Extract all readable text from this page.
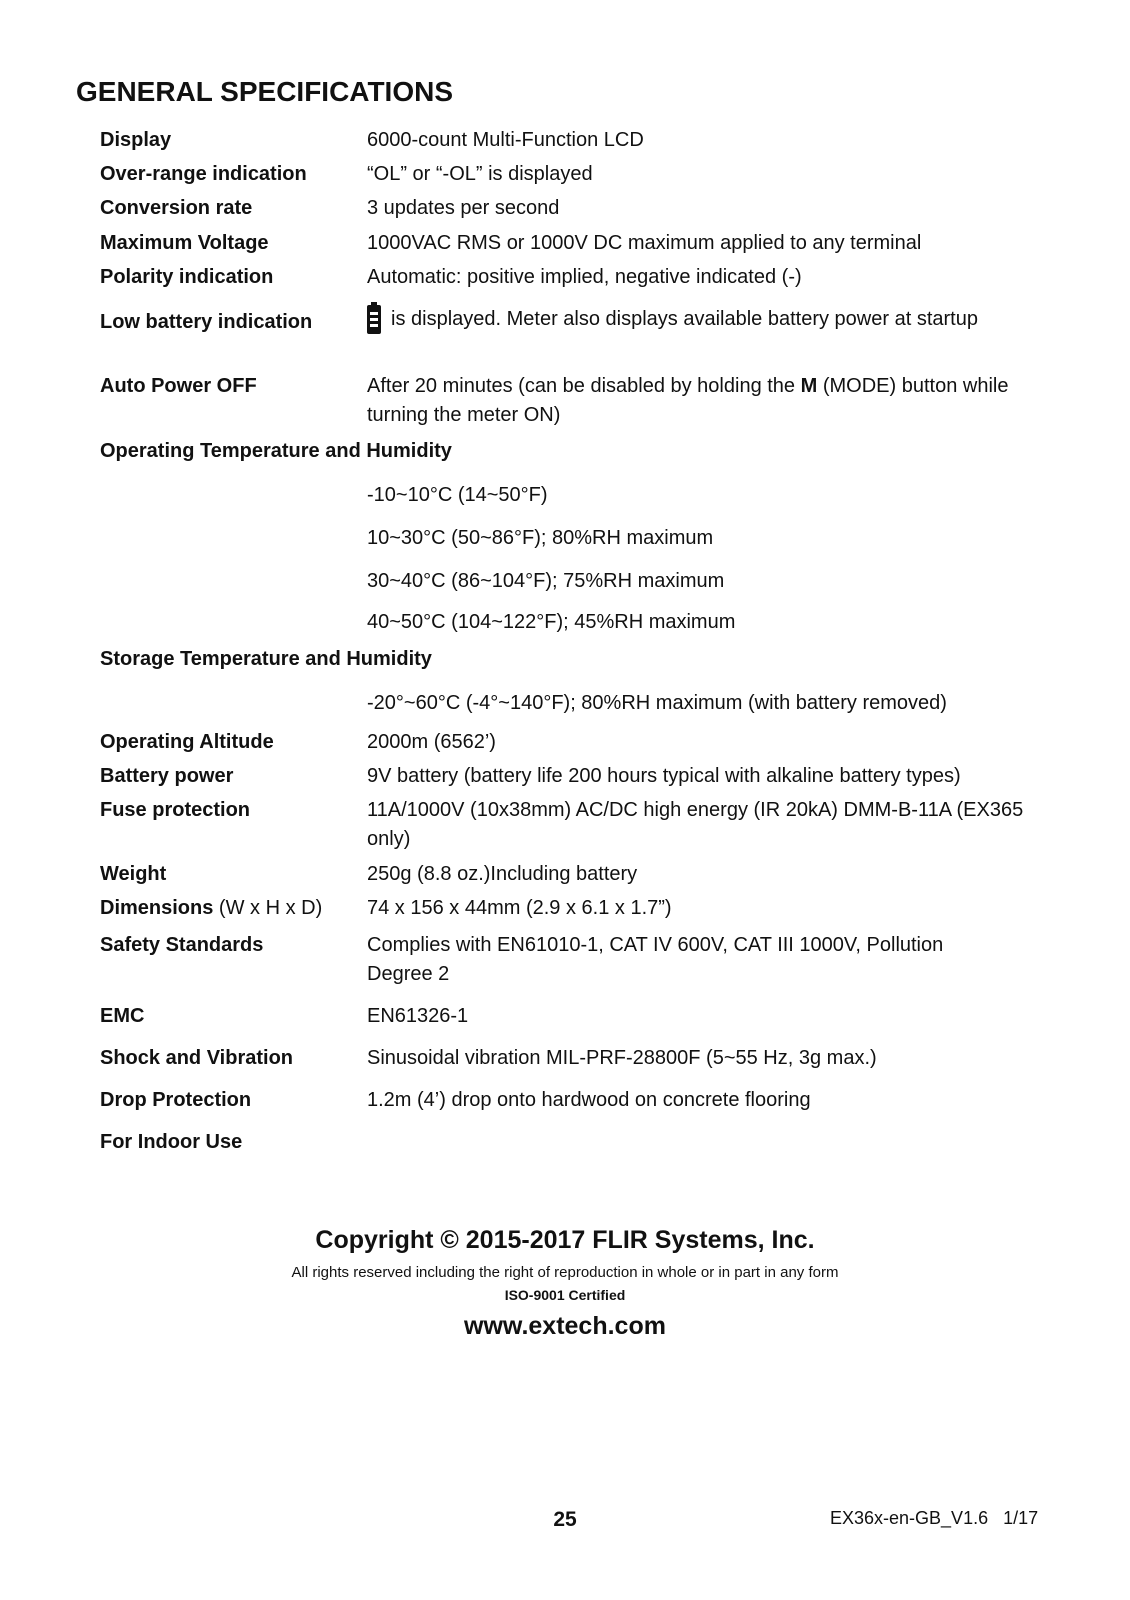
GENERAL SPECIFICATIONS
Display	6000-count Multi-Function LCD
Over-range indication	“OL” or “-OL” is displayed
Conversion rate	3 updates per second
Maximum Voltage	1000VAC RMS or 1000V DC maximum applied to any terminal
Polarity indication	Automatic: positive implied, negative indicated (-)
Low battery indication	is displayed. Meter also displays available battery power at startup
Auto Power OFF	After 20 minutes (can be disabled by holding the M (MODE) button while turning the meter ON)
Operating Temperature and Humidity
-10~10°C (14~50°F)
10~30°C (50~86°F); 80%RH maximum
30~40°C (86~104°F); 75%RH maximum
40~50°C (104~122°F); 45%RH maximum
Storage Temperature and Humidity
-20°~60°C (-4°~140°F); 80%RH maximum (with battery removed)
Operating Altitude	2000m (6562’)
Battery power	9V battery (battery life 200 hours typical with alkaline battery types)
Fuse protection	11A/1000V (10x38mm) AC/DC high energy (IR 20kA) DMM-B-11A (EX365 only)
Weight	250g (8.8 oz.)Including battery
Dimensions (W x H x D) 74 x 156 x 44mm (2.9 x 6.1 x 1.7”)
Safety Standards	Complies with EN61010-1, CAT IV 600V, CAT III 1000V, Pollution Degree 2
EMC	EN61326-1
Shock and Vibration	Sinusoidal vibration MIL-PRF-28800F (5~55 Hz, 3g max.)
Drop Protection	1.2m (4’) drop onto hardwood on concrete flooring
For Indoor Use
Copyright © 2015-2017 FLIR Systems, Inc.
All rights reserved including the right of reproduction in whole or in part in any form
ISO-9001 Certified
www.extech.com
25	EX36x-en-GB_V1.6   1/17
